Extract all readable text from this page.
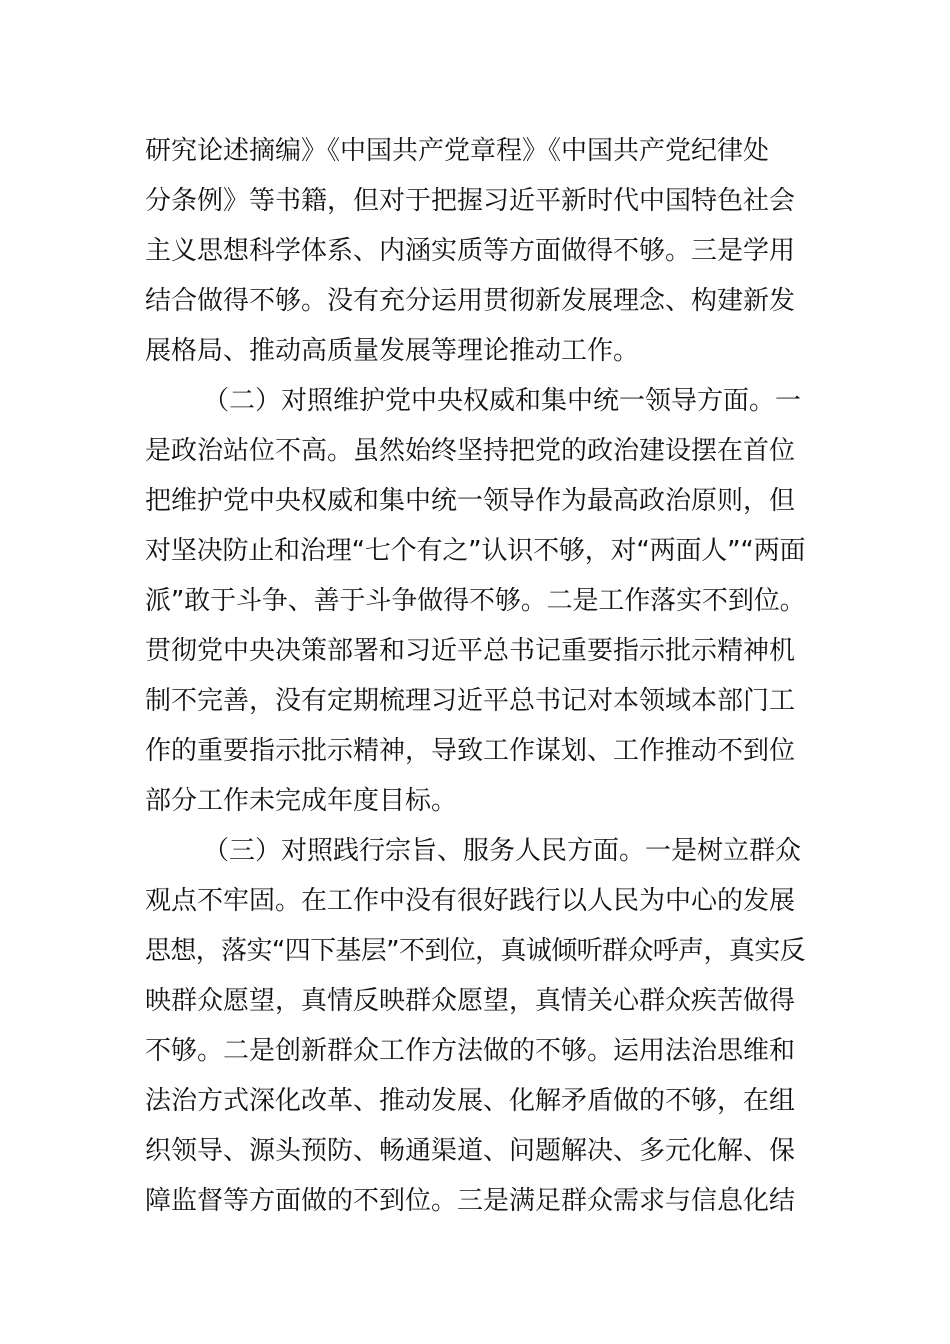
研究论述摘编》《中国共产党章程》《中国共产党纪律处
分条例》等书籍，但对于把握习近平新时代中国特色社会
主义思想科学体系、内涵实质等方面做得不够。三是学用
结合做得不够。没有充分运用贯彻新发展理念、构建新发
展格局、推动高质量发展等理论推动工作。
（二）对照维护党中央权威和集中统一领导方面。一
是政治站位不高。虽然始终坚持把党的政治建设摆在首位
把维护党中央权威和集中统一领导作为最高政治原则，但
对坚决防止和治理“七个有之”认识不够，对“两面人”“两面
派”敢于斗争、善于斗争做得不够。二是工作落实不到位。
贯彻党中央决策部署和习近平总书记重要指示批示精神机
制不完善，没有定期梳理习近平总书记对本领域本部门工
作的重要指示批示精神，导致工作谋划、工作推动不到位
部分工作未完成年度目标。
（三）对照践行宗旨、服务人民方面。一是树立群众
观点不牢固。在工作中没有很好践行以人民为中心的发展
思想，落实“四下基层”不到位，真诚倾听群众呼声，真实反
映群众愿望，真情反映群众愿望，真情关心群众疾苦做得
不够。二是创新群众工作方法做的不够。运用法治思维和
法治方式深化改革、推动发展、化解矛盾做的不够，在组
织领导、源头预防、畅通渠道、问题解决、多元化解、保
障监督等方面做的不到位。三是满足群众需求与信息化结
